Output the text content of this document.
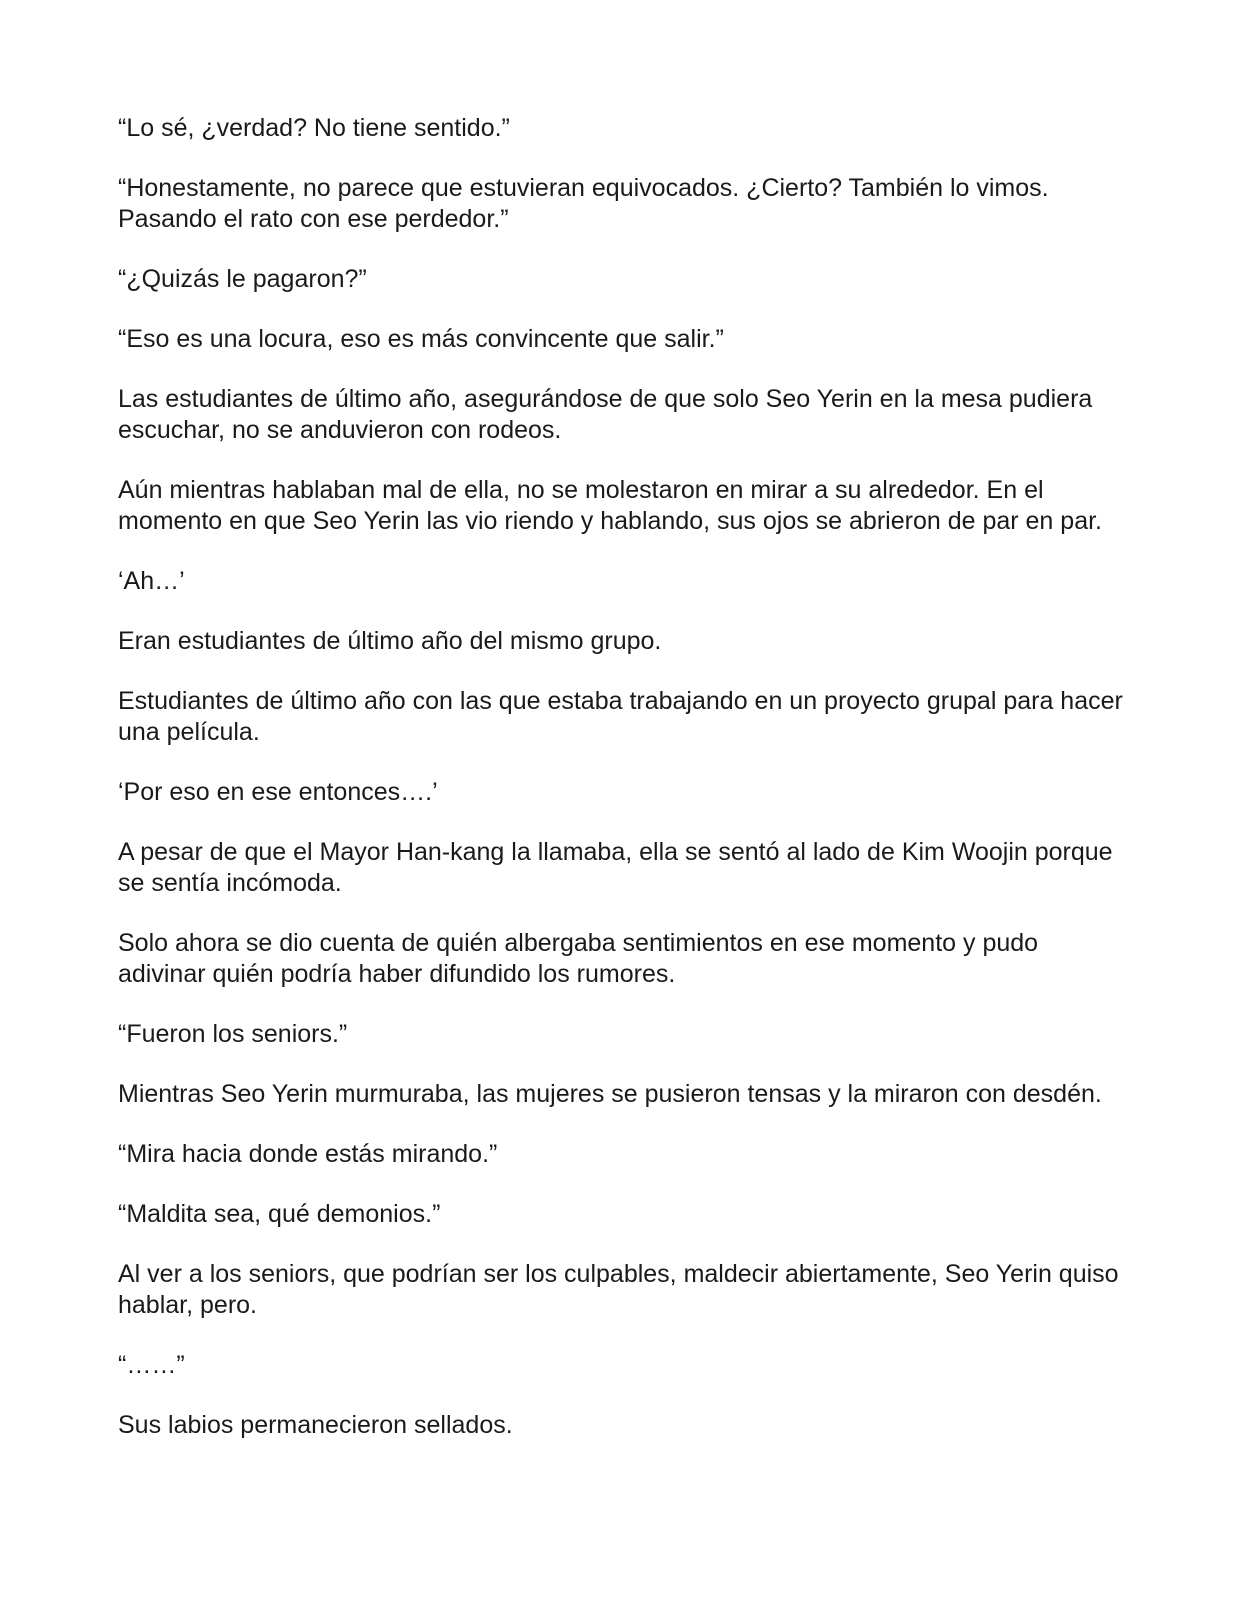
“Lo sé, ¿verdad? No tiene sentido.”

“Honestamente, no parece que estuvieran equivocados. ¿Cierto? También lo vimos. Pasando el rato con ese perdedor.”

“¿Quizás le pagaron?”

“Eso es una locura, eso es más convincente que salir.”

Las estudiantes de último año, asegurándose de que solo Seo Yerin en la mesa pudiera escuchar, no se anduvieron con rodeos.

Aún mientras hablaban mal de ella, no se molestaron en mirar a su alrededor. En el momento en que Seo Yerin las vio riendo y hablando, sus ojos se abrieron de par en par.

‘Ah…’

Eran estudiantes de último año del mismo grupo.

Estudiantes de último año con las que estaba trabajando en un proyecto grupal para hacer una película.

‘Por eso en ese entonces….’

A pesar de que el Mayor Han-kang la llamaba, ella se sentó al lado de Kim Woojin porque se sentía incómoda.

Solo ahora se dio cuenta de quién albergaba sentimientos en ese momento y pudo adivinar quién podría haber difundido los rumores.

“Fueron los seniors.”

Mientras Seo Yerin murmuraba, las mujeres se pusieron tensas y la miraron con desdén.

“Mira hacia donde estás mirando.”

“Maldita sea, qué demonios.”

Al ver a los seniors, que podrían ser los culpables, maldecir abiertamente, Seo Yerin quiso hablar, pero.

“……”

Sus labios permanecieron sellados.
